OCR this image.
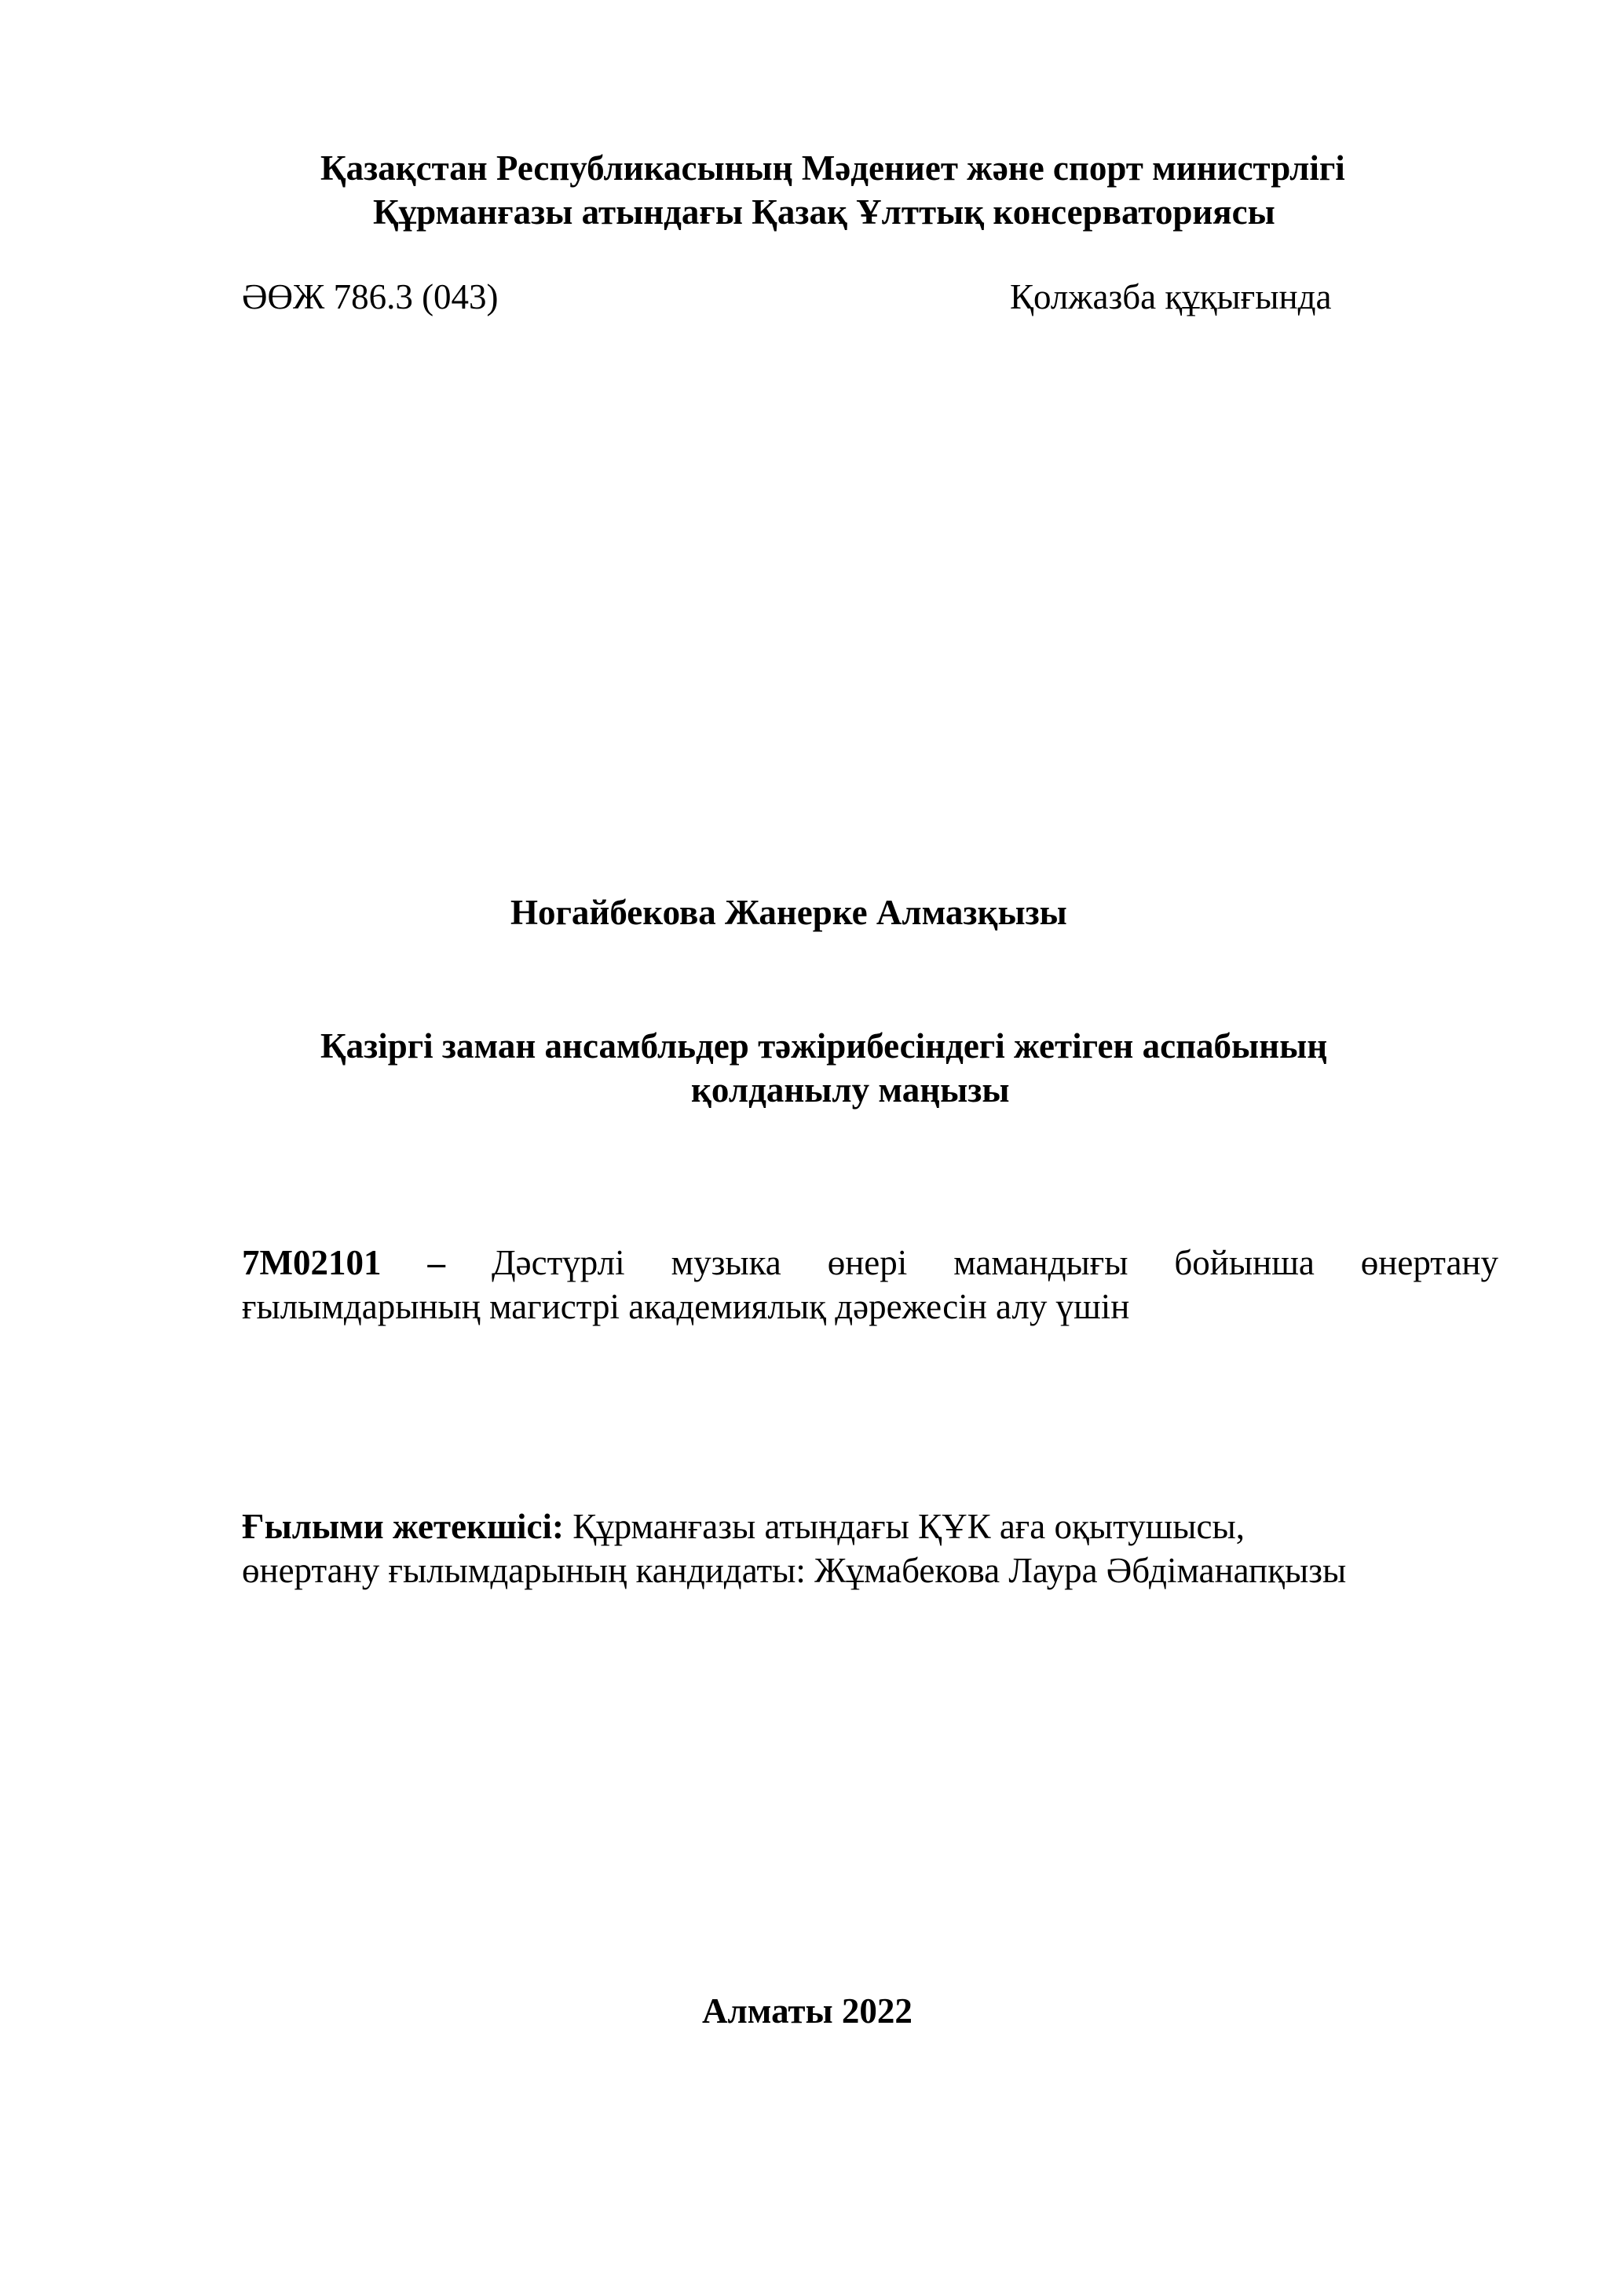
Қазақстан Республикасының Мәдениет және спорт министрлігі
Құрманғазы атындағы Қазақ Ұлттық консерваториясы
ӘӨЖ 786.3 (043)	Қолжазба құқығында
Ногайбекова Жанерке Алмазқызы
Қазіргі заман ансамбльдер тәжірибесіндегі жетіген аспабының
қолданылу маңызы
7М02101 – Дәстүрлі музыка өнері мамандығы бойынша өнертану
ғылымдарының магистрі академиялық дәрежесін алу үшін
Ғылыми жетекшісі: Құрманғазы атындағы ҚҰК аға оқытушысы,
өнертану ғылымдарының кандидаты: Жұмабекова Лаура Әбдіманапқызы
Алматы 2022
